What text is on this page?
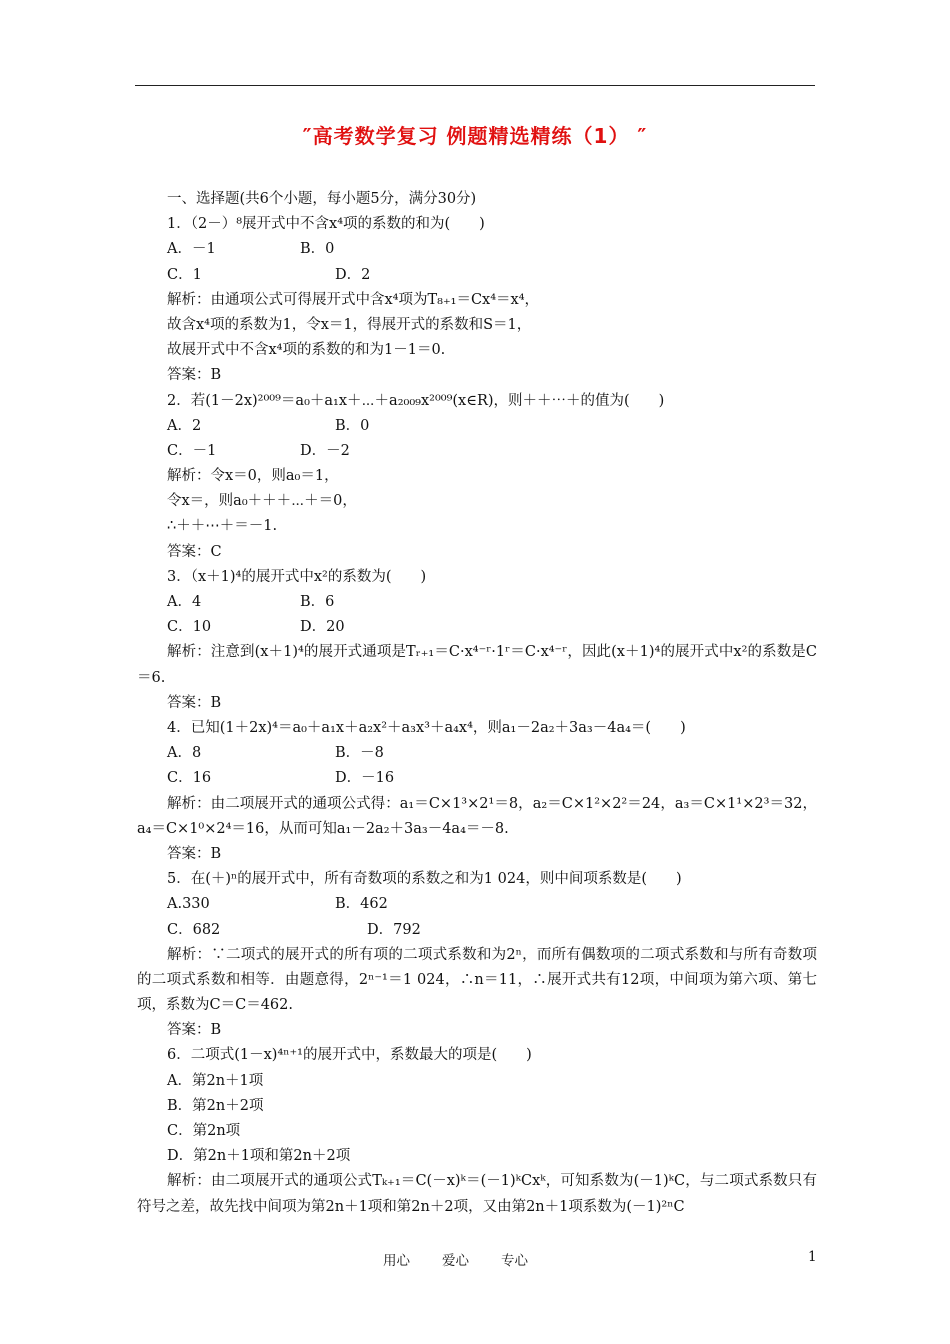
″高考数学复习 例题精选精练（1） ″
一、选择题(共6个小题，每小题5分，满分30分)
1．（2－）⁸展开式中不含x⁴项的系数的和为(　　)
A．－1	B．0
C．1	D．2
解析：由通项公式可得展开式中含x⁴项为T₈₊₁＝Cx⁴＝x⁴，
故含x⁴项的系数为1，令x＝1，得展开式的系数和S＝1，
故展开式中不含x⁴项的系数的和为1－1＝0.
答案：B
2．若(1－2x)²⁰⁰⁹＝a₀＋a₁x＋⋯＋a₂₀₀₉x²⁰⁰⁹(x∈R)，则＋＋⋯＋的值为(　　)
A．2	B．0
C．－1	D．－2
解析：令x＝0，则a₀＝1，
令x＝，则a₀＋＋＋⋯＋＝0，
∴＋＋⋯＋＝－1.
答案：C
3．（x＋1)⁴的展开式中x²的系数为(　　)
A．4	B．6
C．10	D．20
解析：注意到(x＋1)⁴的展开式通项是Tᵣ₊₁＝C·x⁴⁻ʳ·1ʳ＝C·x⁴⁻ʳ，因此(x＋1)⁴的展开式中x²的系数是C＝6.
答案：B
4．已知(1＋2x)⁴＝a₀＋a₁x＋a₂x²＋a₃x³＋a₄x⁴，则a₁－2a₂＋3a₃－4a₄＝(　　)
A．8	B．－8
C．16	D．－16
解析：由二项展开式的通项公式得：a₁＝C×1³×2¹＝8，a₂＝C×1²×2²＝24，a₃＝C×1¹×2³＝32，a₄＝C×1⁰×2⁴＝16，从而可知a₁－2a₂＋3a₃－4a₄＝－8.
答案：B
5．在(＋)ⁿ的展开式中，所有奇数项的系数之和为1 024，则中间项系数是(　　)
A.330	B．462
C．682	D．792
解析：∵二项式的展开式的所有项的二项式系数和为2ⁿ，而所有偶数项的二项式系数和与所有奇数项的二项式系数和相等．由题意得，2ⁿ⁻¹＝1 024，∴n＝11，∴展开式共有12项，中间项为第六项、第七项，系数为C＝C＝462.
答案：B
6．二项式(1－x)⁴ⁿ⁺¹的展开式中，系数最大的项是(　　)
A．第2n＋1项
B．第2n＋2项
C．第2n项
D．第2n＋1项和第2n＋2项
解析：由二项展开式的通项公式Tₖ₊₁＝C(－x)ᵏ＝(－1)ᵏCxᵏ，可知系数为(－1)ᵏC，与二项式系数只有符号之差，故先找中间项为第2n＋1项和第2n＋2项，又由第2n＋1项系数为(－1)²ⁿC
用心 爱心 专心	1
